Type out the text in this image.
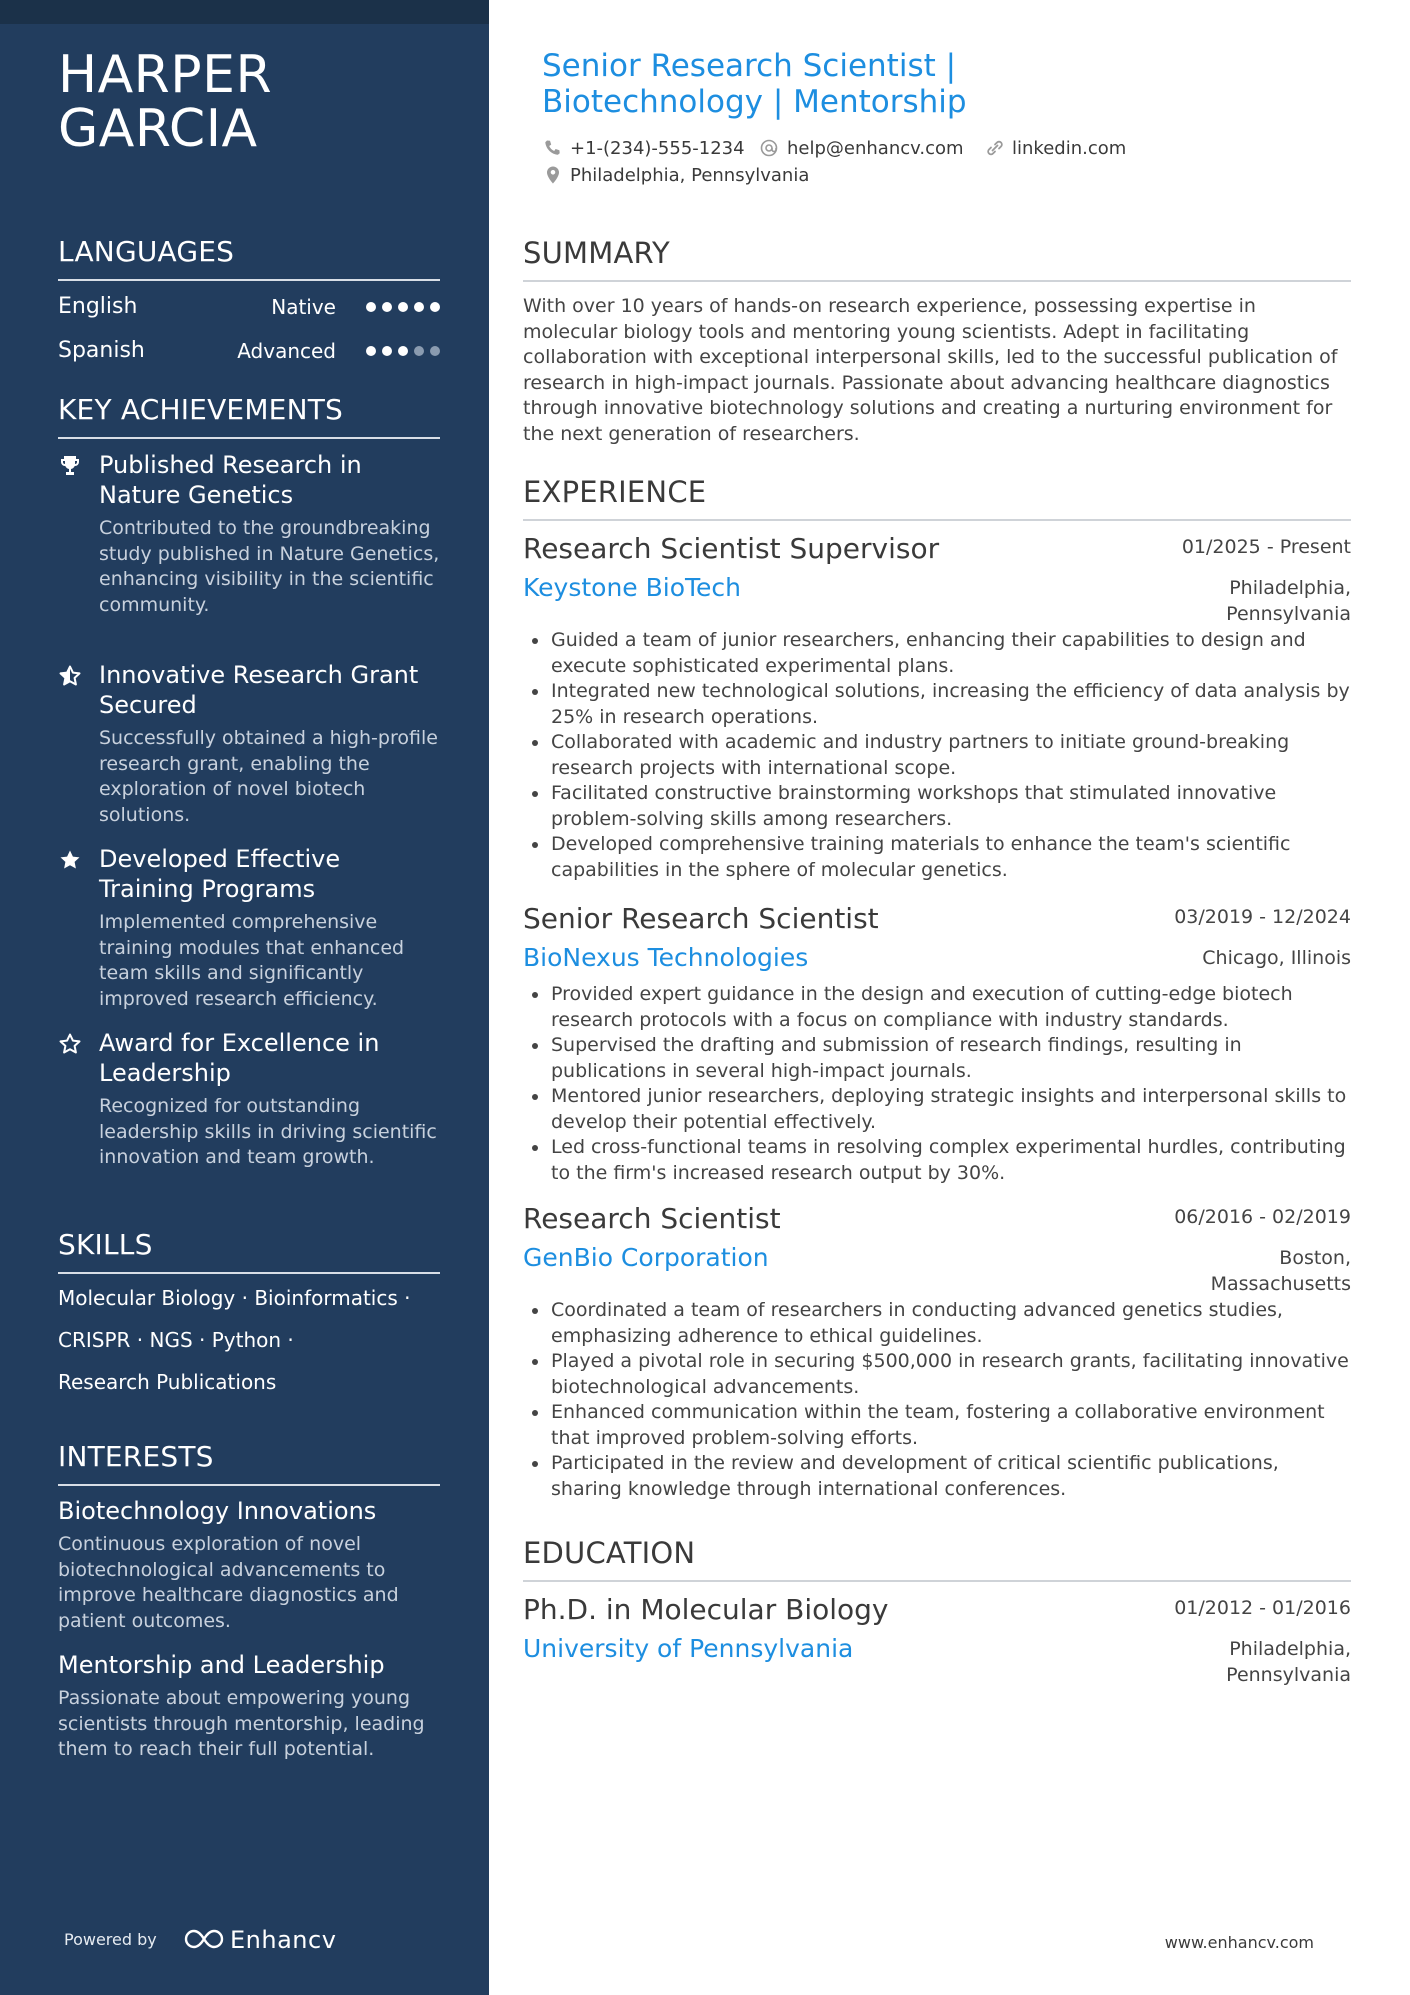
HARPER
GARCIA
LANGUAGES
English	Native
Spanish	Advanced
KEY ACHIEVEMENTS
Published Research in Nature Genetics
Contributed to the groundbreaking study published in Nature Genetics, enhancing visibility in the scientific community.
Innovative Research Grant Secured
Successfully obtained a high-profile research grant, enabling the exploration of novel biotech solutions.
Developed Effective Training Programs
Implemented comprehensive training modules that enhanced team skills and significantly improved research efficiency.
Award for Excellence in Leadership
Recognized for outstanding leadership skills in driving scientific innovation and team growth.
SKILLS
Molecular Biology · Bioinformatics ·
CRISPR · NGS · Python ·
Research Publications
INTERESTS
Biotechnology Innovations
Continuous exploration of novel biotechnological advancements to improve healthcare diagnostics and patient outcomes.
Mentorship and Leadership
Passionate about empowering young scientists through mentorship, leading them to reach their full potential.
Powered by	Enhancv
Senior Research Scientist | Biotechnology | Mentorship
+1-(234)-555-1234	help@enhancv.com	linkedin.com
Philadelphia, Pennsylvania
SUMMARY
With over 10 years of hands-on research experience, possessing expertise in molecular biology tools and mentoring young scientists. Adept in facilitating collaboration with exceptional interpersonal skills, led to the successful publication of research in high-impact journals. Passionate about advancing healthcare diagnostics through innovative biotechnology solutions and creating a nurturing environment for the next generation of researchers.
EXPERIENCE
Research Scientist Supervisor	01/2025 - Present
Keystone BioTech	Philadelphia,
Pennsylvania
Guided a team of junior researchers, enhancing their capabilities to design and execute sophisticated experimental plans.
Integrated new technological solutions, increasing the efficiency of data analysis by 25% in research operations.
Collaborated with academic and industry partners to initiate ground-breaking research projects with international scope.
Facilitated constructive brainstorming workshops that stimulated innovative problem-solving skills among researchers.
Developed comprehensive training materials to enhance the team's scientific capabilities in the sphere of molecular genetics.
Senior Research Scientist	03/2019 - 12/2024
BioNexus Technologies	Chicago, Illinois
Provided expert guidance in the design and execution of cutting-edge biotech research protocols with a focus on compliance with industry standards.
Supervised the drafting and submission of research findings, resulting in publications in several high-impact journals.
Mentored junior researchers, deploying strategic insights and interpersonal skills to develop their potential effectively.
Led cross-functional teams in resolving complex experimental hurdles, contributing to the firm's increased research output by 30%.
Research Scientist	06/2016 - 02/2019
GenBio Corporation	Boston,
Massachusetts
Coordinated a team of researchers in conducting advanced genetics studies, emphasizing adherence to ethical guidelines.
Played a pivotal role in securing $500,000 in research grants, facilitating innovative biotechnological advancements.
Enhanced communication within the team, fostering a collaborative environment that improved problem-solving efforts.
Participated in the review and development of critical scientific publications, sharing knowledge through international conferences.
EDUCATION
Ph.D. in Molecular Biology	01/2012 - 01/2016
University of Pennsylvania	Philadelphia,
Pennsylvania
www.enhancv.com
